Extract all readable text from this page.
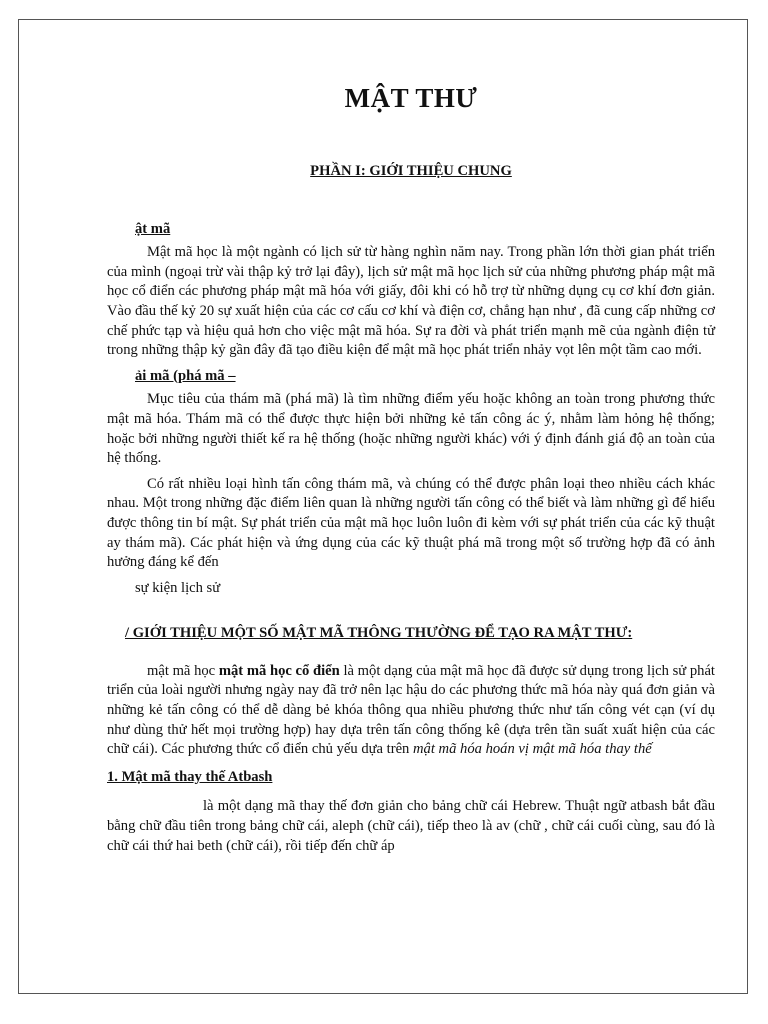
MẬT THƯ
PHẦN I: GIỚI THIỆU CHUNG
ật mã

Mật mã học là một ngành có lịch sử từ hàng nghìn năm nay. Trong phần lớn thời gian phát triển của mình (ngoại trừ vài thập kỷ trở lại đây), lịch sử mật mã học lịch sử của những phương pháp mật mã học cổ điển các phương pháp mật mã hóa với giấy, đôi khi có hỗ trợ từ những dụng cụ cơ khí đơn giản. Vào đầu thế kỷ 20 sự xuất hiện của các cơ cấu cơ khí và điện cơ, chẳng hạn như , đã cung cấp những cơ chế phức tạp và hiệu quả hơn cho việc mật mã hóa. Sự ra đời và phát triển mạnh mẽ của ngành điện tử trong những thập kỷ gần đây đã tạo điều kiện để mật mã học phát triển nhảy vọt lên một tầm cao mới.

ải mã (phá mã –

Mục tiêu của thám mã (phá mã) là tìm những điểm yếu hoặc không an toàn trong phương thức mật mã hóa. Thám mã có thể được thực hiện bởi những kẻ tấn công ác ý, nhằm làm hỏng hệ thống; hoặc bởi những người thiết kế ra hệ thống (hoặc những người khác) với ý định đánh giá độ an toàn của hệ thống.

Có rất nhiều loại hình tấn công thám mã, và chúng có thể được phân loại theo nhiều cách khác nhau. Một trong những đặc điểm liên quan là những người tấn công có thể biết và làm những gì để hiểu được thông tin bí mật. Sự phát triển của mật mã học luôn luôn đi kèm với sự phát triển của các kỹ thuật ay thám mã). Các phát hiện và ứng dụng của các kỹ thuật phá mã trong một số trường hợp đã có ảnh hưởng đáng kể đến

sự kiện lịch sử
/ GIỚI THIỆU MỘT SỐ MẬT MÃ THÔNG THƯỜNG ĐỂ TẠO RA MẬT THƯ:

mật mã học mật mã học cổ điển là một dạng của mật mã học đã được sử dụng trong lịch sử phát triển của loài người nhưng ngày nay đã trở nên lạc hậu do các phương thức mã hóa này quá đơn giản và những kẻ tấn công có thể dễ dàng bẻ khóa thông qua nhiều phương thức như tấn công vét cạn (ví dụ như dùng thử hết mọi trường hợp) hay dựa trên tấn công thống kê (dựa trên tần suất xuất hiện của các chữ cái). Các phương thức cổ điển chủ yếu dựa trên mật mã hóa hoán vị mật mã hóa thay thế

1. Mật mã thay thế Atbash

là một dạng mã thay thế đơn giản cho bảng chữ cái Hebrew. Thuật ngữ atbash bắt đầu bằng chữ đầu tiên trong bảng chữ cái, aleph (chữ cái), tiếp theo là av (chữ , chữ cái cuối cùng, sau đó là chữ cái thứ hai beth (chữ cái), rồi tiếp đến chữ áp
